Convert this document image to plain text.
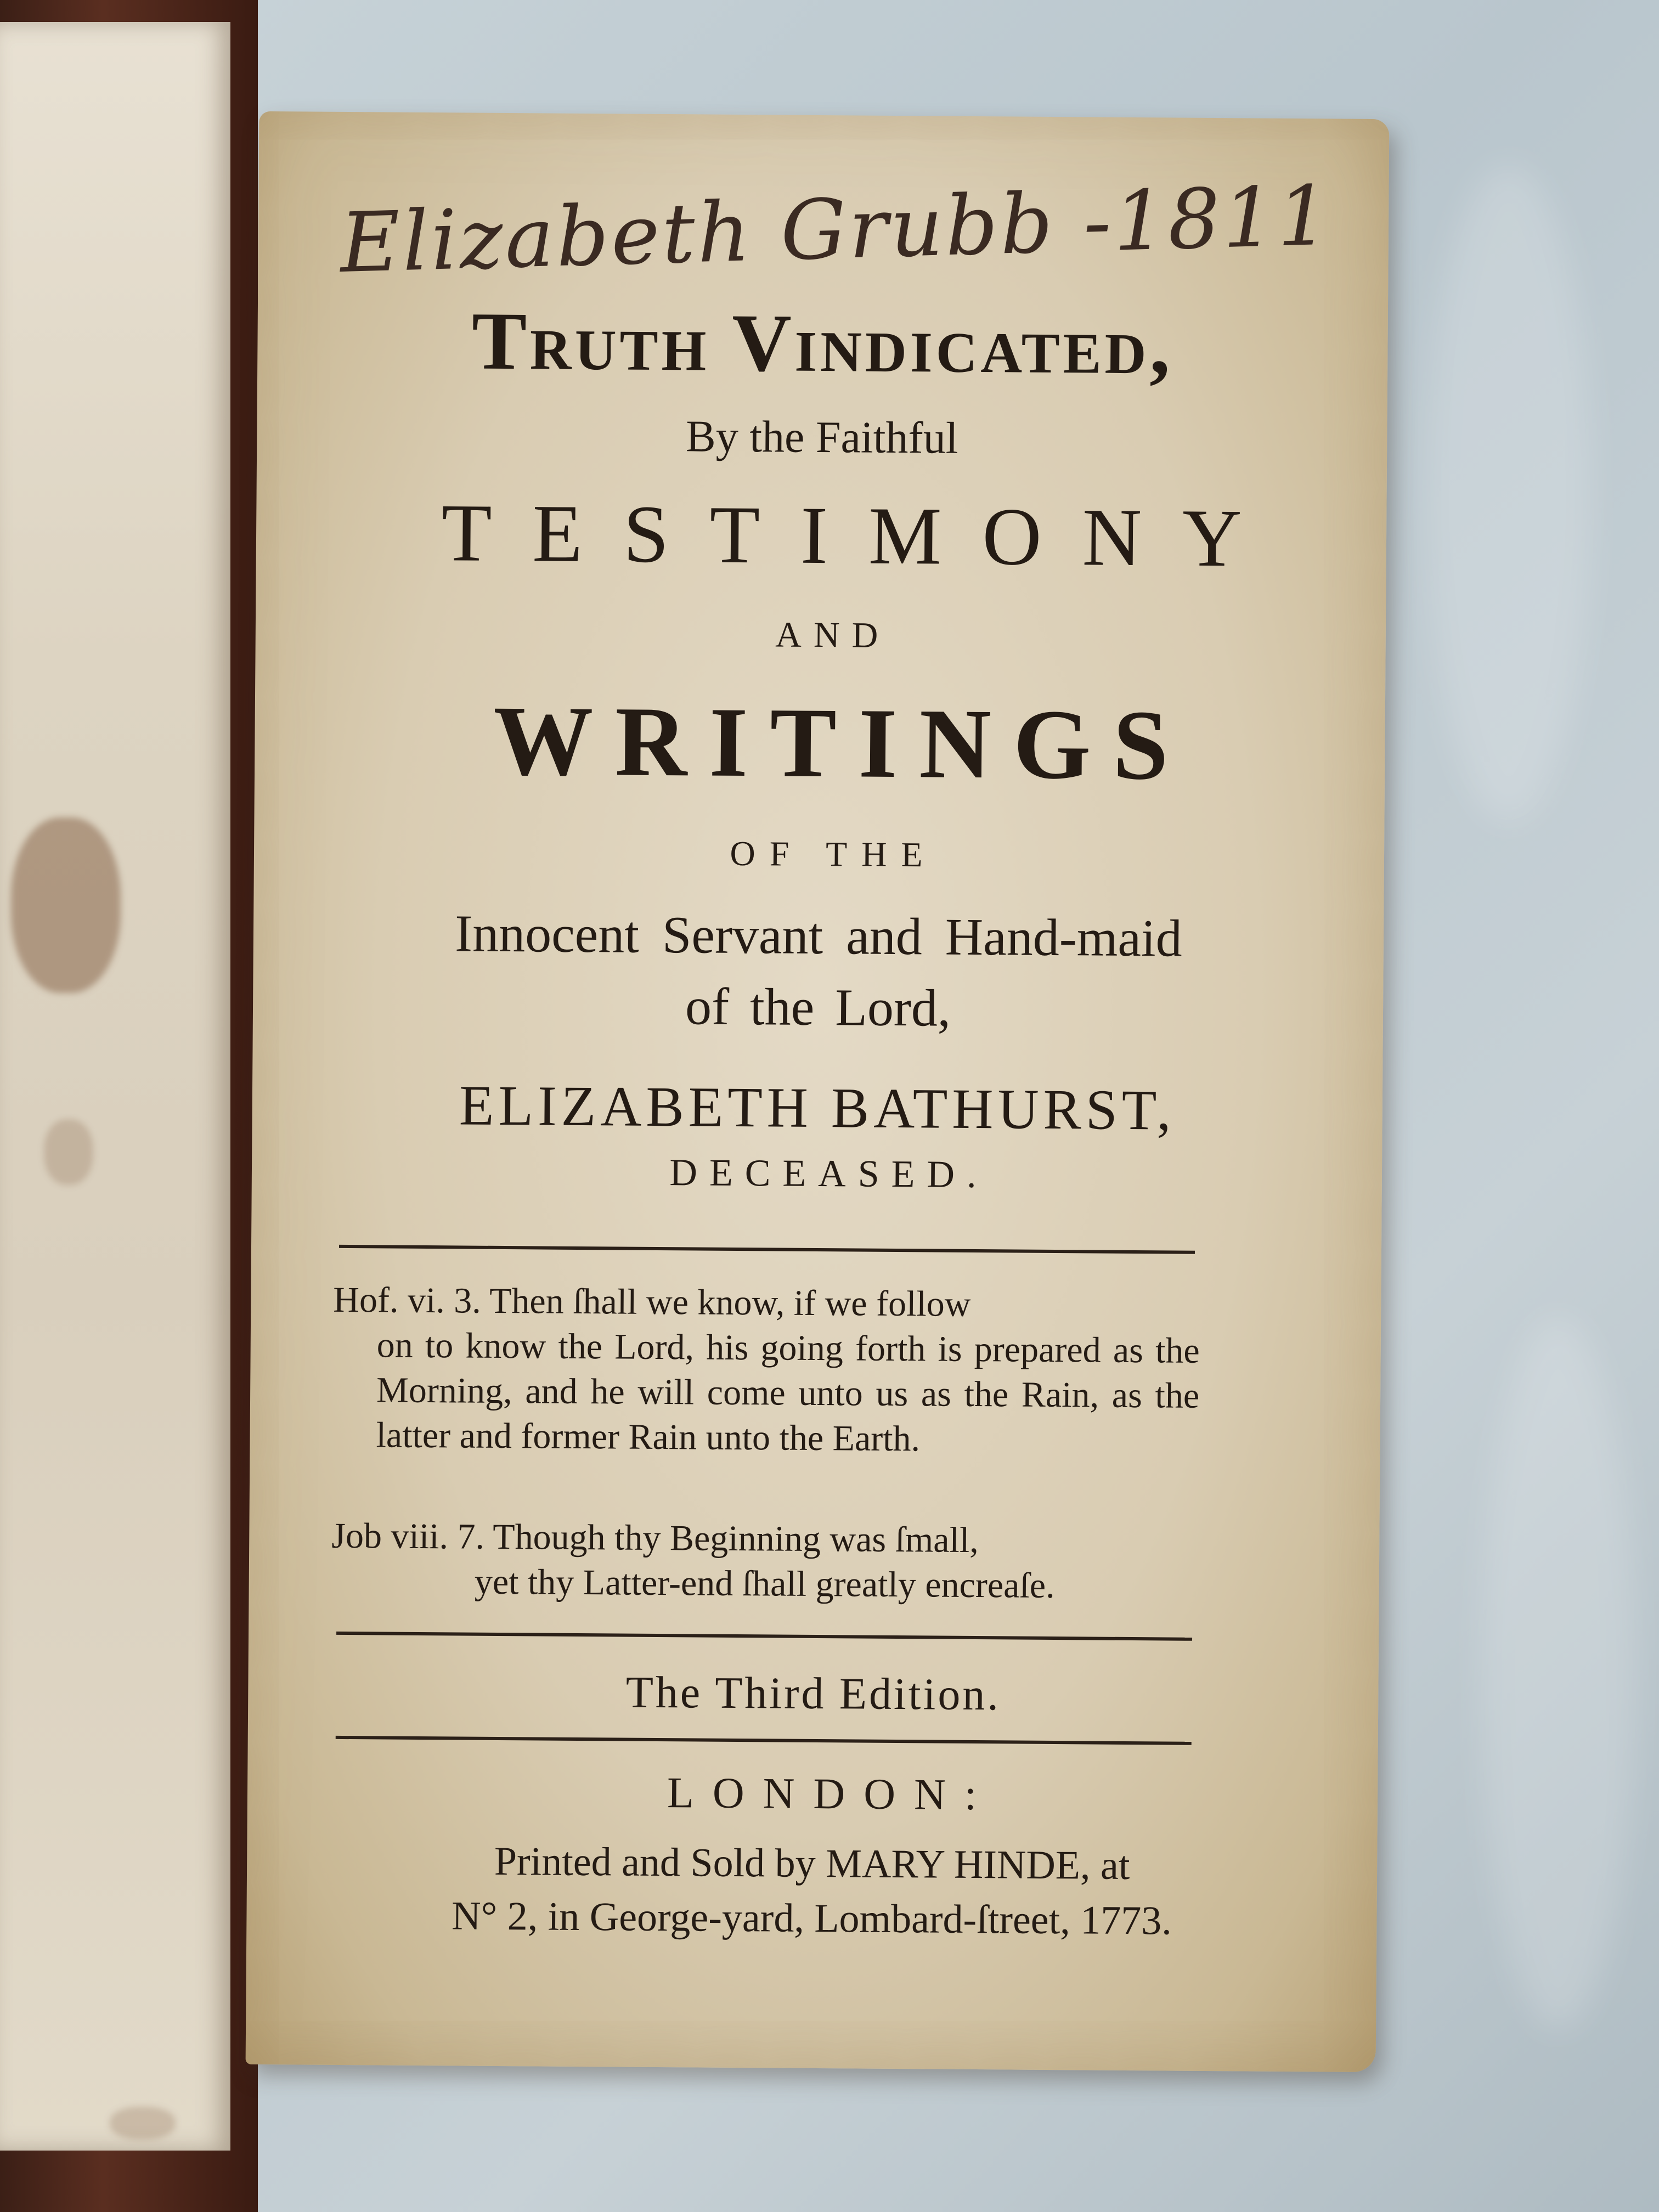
Elizabeth Grubb -1811
Truth Vindicated,
By the Faithful
TESTIMONY
AND
WRITINGS
OF THE
Innocent Servant and Hand-maid
of the Lord,
ELIZABETH BATHURST,
DECEASED.
Hof. vi. 3. Then ſhall we know, if we follow
on to know the Lord, his going forth is prepared as the Morning, and he will come unto us as the Rain, as the latter and former Rain unto the Earth.
Job viii. 7. Though thy Beginning was ſmall,
yet thy Latter-end ſhall greatly encreaſe.
The Third Edition.
LONDON:
Printed and Sold by MARY HINDE, at
N° 2, in George-yard, Lombard-ſtreet, 1773.
